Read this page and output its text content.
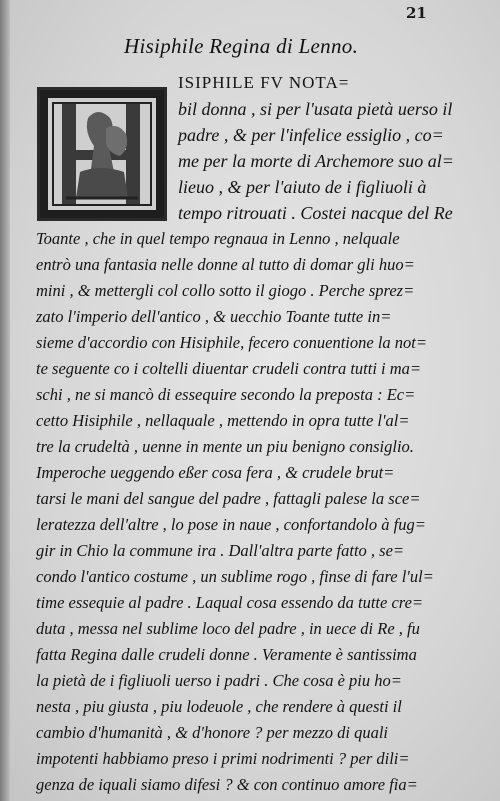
21
Hisiphile Regina di Lenno.

ISIPHILE FV NOTA=

bil donna , si per l'usata pietà uerso il

padre , & per l'infelice essiglio , co=

me per la morte di Archemore suo al=

lieuo , & per l'aiuto de i figliuoli à

tempo ritrouati . Costei nacque del Re

Toante , che in quel tempo regnaua in Lenno , nelquale

entrò una fantasia nelle donne al tutto di domar gli huo=

mini , & mettergli col collo sotto il giogo . Perche sprez=

zato l'imperio dell'antico , & uecchio Toante tutte in=

sieme d'accordio con Hisiphile, fecero conuentione la not=

te seguente co i coltelli diuentar crudeli contra tutti i ma=

schi , ne si mancò di essequire secondo la preposta : Ec=

cetto Hisiphile , nellaquale , mettendo in opra tutte l'al=

tre la crudeltà , uenne in mente un piu benigno consiglio.

Imperoche ueggendo eßer cosa fera , & crudele brut=

tarsi le mani del sangue del padre , fattagli palese la sce=

leratezza dell'altre , lo pose in naue , confortandolo à fug=

gir in Chio la commune ira . Dall'altra parte fatto , se=

condo l'antico costume , un sublime rogo , finse di fare l'ul=

time essequie al padre . Laqual cosa essendo da tutte cre=

duta , messa nel sublime loco del padre , in uece di Re , fu

fatta Regina dalle crudeli donne . Veramente è santissima

la pietà de i figliuoli uerso i padri . Che cosa è piu ho=

nesta , piu giusta , piu lodeuole , che rendere à questi il

cambio d'humanità , & d'honore ? per mezzo di quali

impotenti habbiamo preso i primi nodrimenti ? per dili=

genza de iquali siamo difesi ? & con continuo amore fia=
